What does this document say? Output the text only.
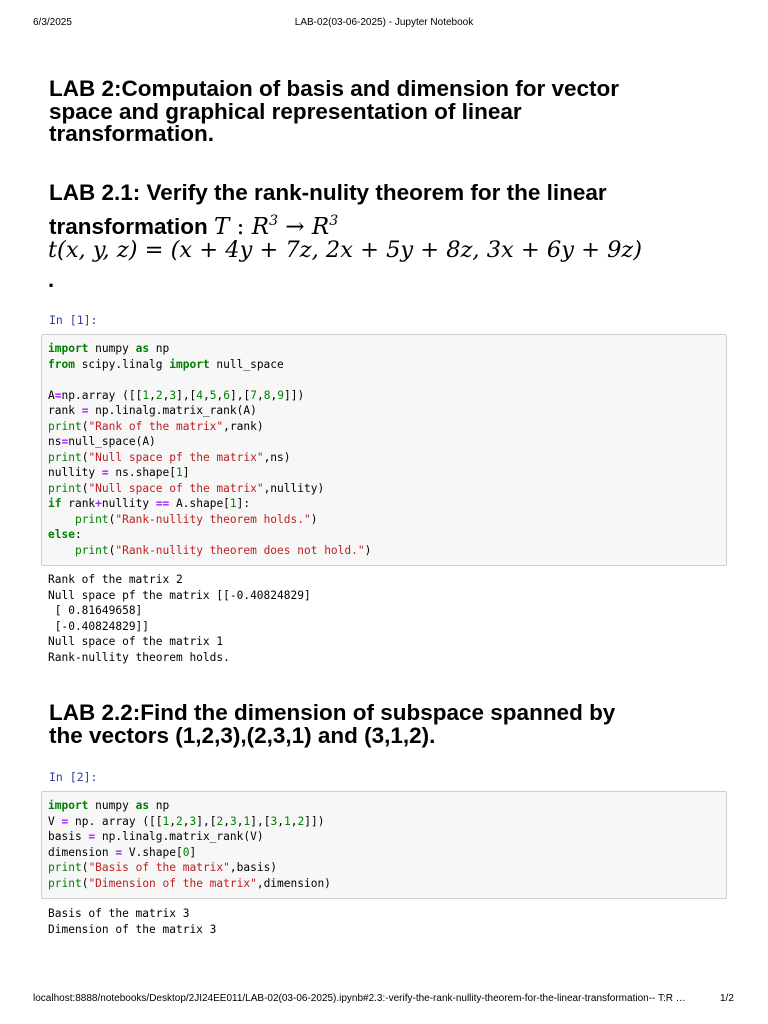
6/3/2025	LAB-02(03-06-2025) - Jupyter Notebook
LAB 2:Computaion of basis and dimension for vector
space and graphical representation of linear
transformation.
LAB 2.1: Verify the rank-nulity theorem for the linear
transformation T : $R^3 \to R^3$
t(x, y, z) = (x + 4y + 7z, 2x + 5y + 8z, 3x + 6y + 9z)
.
In [1]:
import numpy as np
from scipy.linalg import null_space

A=np.array ([[1,2,3],[4,5,6],[7,8,9]])
rank = np.linalg.matrix_rank(A)
print("Rank of the matrix",rank)
ns=null_space(A)
print("Null space pf the matrix",ns)
nullity = ns.shape[1]
print("Null space of the matrix",nullity)
if rank+nullity == A.shape[1]:
print("Rank-nullity theorem holds.")
else:
print("Rank-nullity theorem does not hold.")
Rank of the matrix 2
Null space pf the matrix [[-0.40824829]
[ 0.81649658]
[-0.40824829]]
Null space of the matrix 1
Rank-nullity theorem holds.
LAB 2.2:Find the dimension of subspace spanned by
the vectors (1,2,3),(2,3,1) and (3,1,2).
In [2]:
import numpy as np
V = np. array ([[1,2,3],[2,3,1],[3,1,2]])
basis = np.linalg.matrix_rank(V)
dimension = V.shape[0]
print("Basis of the matrix",basis)
print("Dimension of the matrix",dimension)
Basis of the matrix 3
Dimension of the matrix 3
localhost:8888/notebooks/Desktop/2JI24EE011/LAB-02(03-06-2025).ipynb#2.3:-verify-the-rank-nullity-theorem-for-the-linear-transformation-- T:R …	1/2
